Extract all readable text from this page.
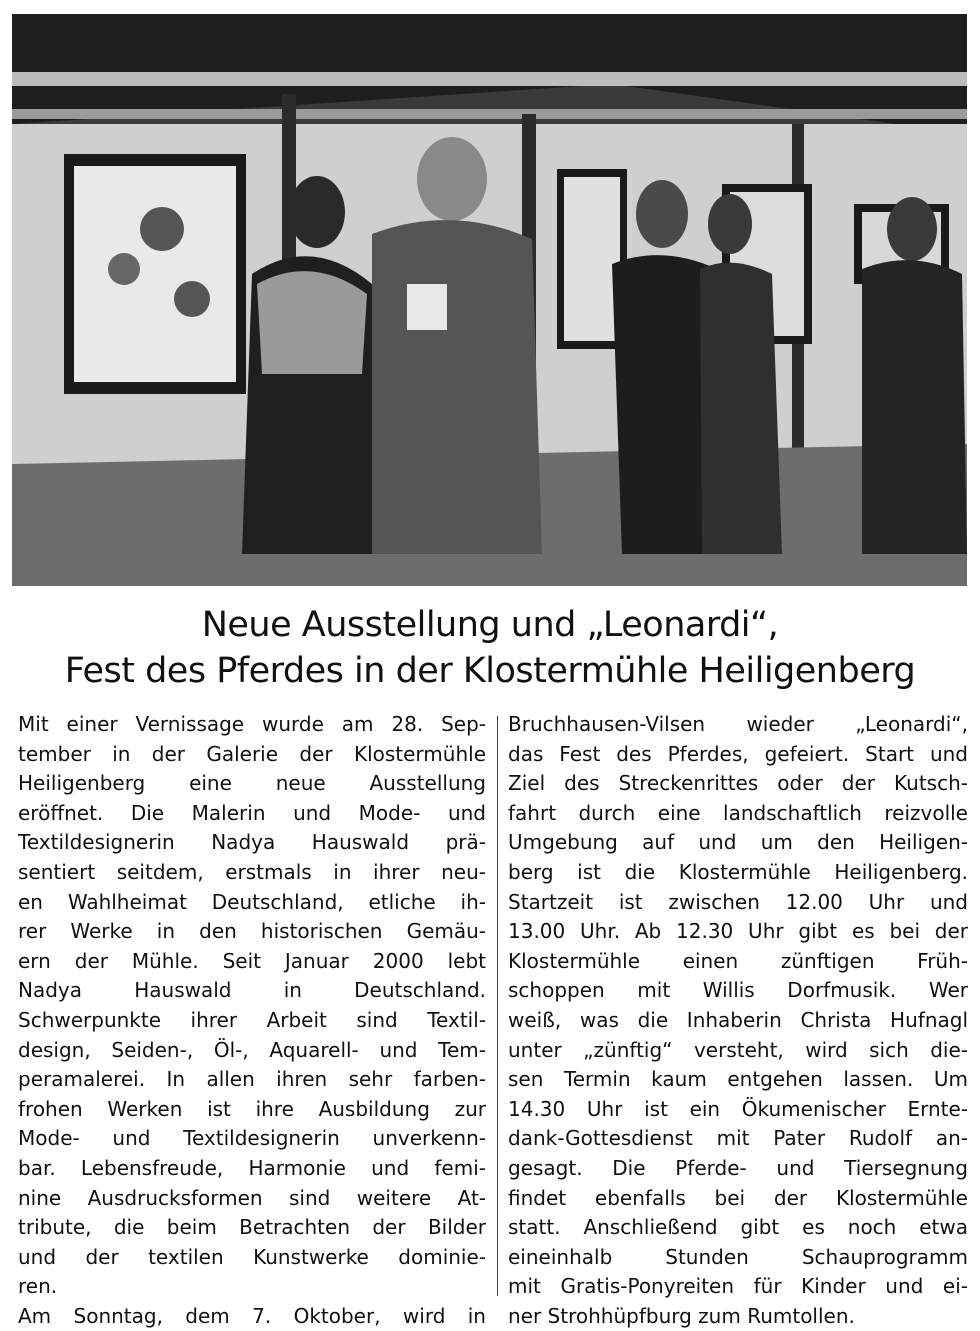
Neue Ausstellung und „Leonardi“,
Fest des Pferdes in der Klostermühle Heiligenberg
Mit einer Vernissage wurde am 28. Sep-
tember in der Galerie der Klostermühle
Heiligenberg eine neue Ausstellung
eröffnet. Die Malerin und Mode- und
Textildesignerin Nadya Hauswald prä-
sentiert seitdem, erstmals in ihrer neu-
en Wahlheimat Deutschland, etliche ih-
rer Werke in den historischen Gemäu-
ern der Mühle. Seit Januar 2000 lebt
Nadya Hauswald in Deutschland.
Schwerpunkte ihrer Arbeit sind Textil-
design, Seiden-, Öl-, Aquarell- und Tem-
peramalerei. In allen ihren sehr farben-
frohen Werken ist ihre Ausbildung zur
Mode- und Textildesignerin unverkenn-
bar. Lebensfreude, Harmonie und femi-
nine Ausdrucksformen sind weitere At-
tribute, die beim Betrachten der Bilder
und der textilen Kunstwerke dominie-
ren.
Am Sonntag, dem 7. Oktober, wird in
Bruchhausen-Vilsen wieder „Leonardi“,
das Fest des Pferdes, gefeiert. Start und
Ziel des Streckenrittes oder der Kutsch-
fahrt durch eine landschaftlich reizvolle
Umgebung auf und um den Heiligen-
berg ist die Klostermühle Heiligenberg.
Startzeit ist zwischen 12.00 Uhr und
13.00 Uhr. Ab 12.30 Uhr gibt es bei der
Klostermühle einen zünftigen Früh-
schoppen mit Willis Dorfmusik. Wer
weiß, was die Inhaberin Christa Hufnagl
unter „zünftig“ versteht, wird sich die-
sen Termin kaum entgehen lassen. Um
14.30 Uhr ist ein Ökumenischer Ernte-
dank-Gottesdienst mit Pater Rudolf an-
gesagt. Die Pferde- und Tiersegnung
findet ebenfalls bei der Klostermühle
statt. Anschließend gibt es noch etwa
eineinhalb Stunden Schauprogramm
mit Gratis-Ponyreiten für Kinder und ei-
ner Strohhüpfburg zum Rumtollen.
